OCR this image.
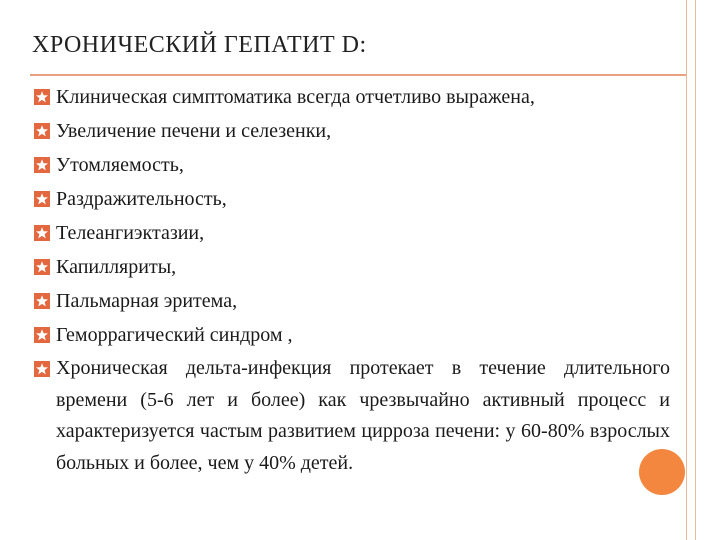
ХРОНИЧЕСКИЙ ГЕПАТИТ D:
Клиническая симптоматика всегда отчетливо выражена,
Увеличение печени и селезенки,
Утомляемость,
Раздражительность,
Телеангиэктазии,
Капилляриты,
Пальмарная эритема,
Геморрагический синдром ,
Хроническая дельта-инфекция протекает в течение длительного времени (5-6 лет и более) как чрезвычайно активный процесс и характеризуется частым развитием цирроза печени: у 60-80% взрослых больных и более, чем у 40% детей.
